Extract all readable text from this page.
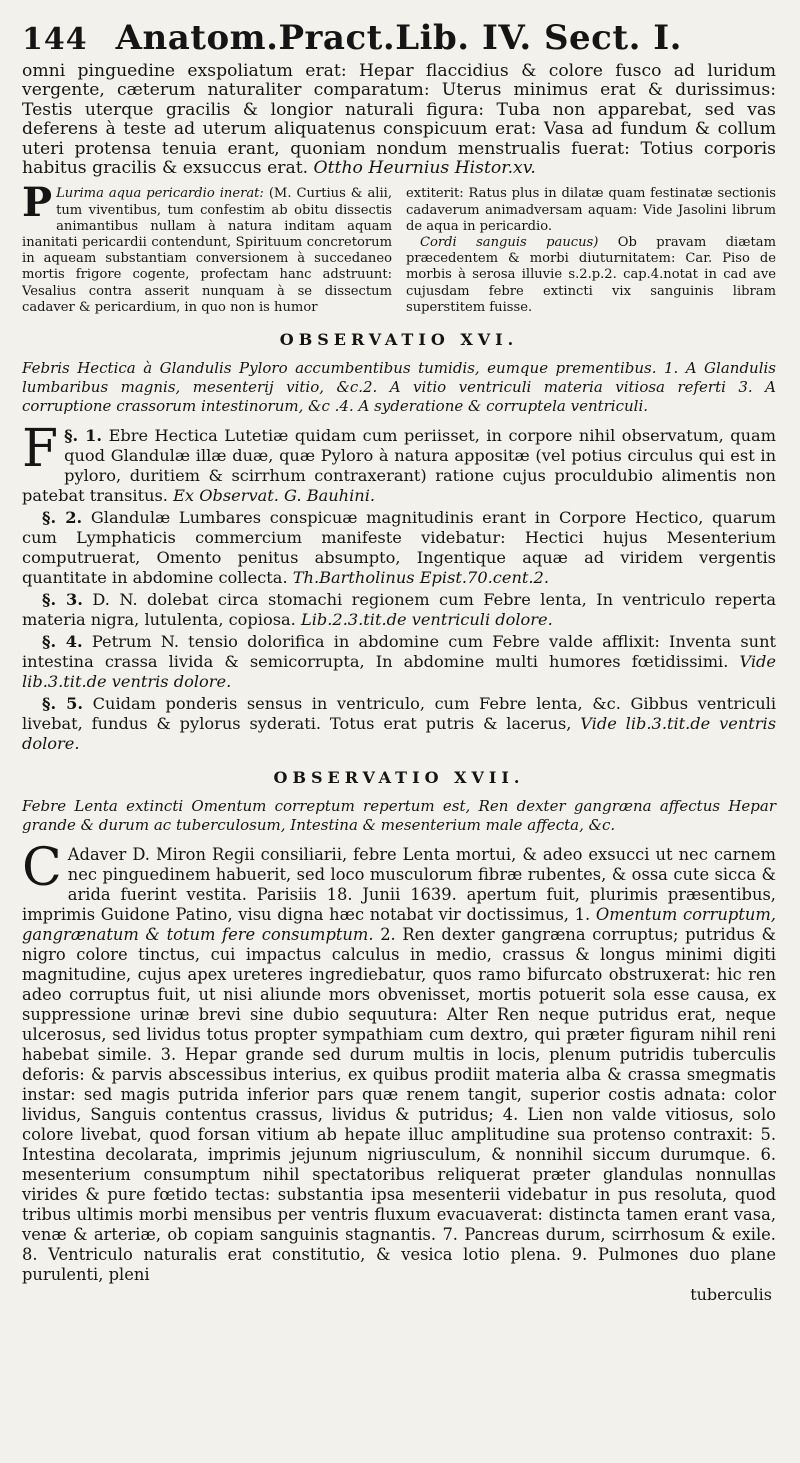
144 Anatom.Pract.Lib. IV. Sect. I.

omni pinguedine exspoliatum erat: Hepar flaccidius & colore fusco ad luridum vergente, cæterum naturaliter comparatum: Uterus minimus erat & durissimus: Testis uterque gracilis & longior naturali figura: Tuba non apparebat, sed vas deferens à teste ad uterum aliquatenus conspicuum erat: Vasa ad fundum & collum uteri protensa tenuia erant, quoniam nondum menstrualis fuerat: Totius corporis habitus gracilis & exsuccus erat. Ottho Heurnius Histor.xv.

P Lurima aqua pericardio inerat: (M. Curtius & alii, tum viventibus, tum confestim ab obitu dissectis animantibus nullam à natura inditam aquam inanitati pericardii contendunt, Spirituum concretorum in aqueam substantiam conversionem à succedaneo mortis frigore cogente, profectam hanc adstruunt: Vesalius contra asserit nunquam à se dissectum cadaver & pericardium, in quo non is humor

extiterit: Ratus plus in dilatæ quam festinatæ sectionis cadaverum animadversam aquam: Vide Jasolini librum de aqua in pericardio.

Cordi sanguis paucus) Ob pravam diætam præcedentem & morbi diuturnitatem: Car. Piso de morbis à serosa illuvie s.2.p.2. cap.4.notat in cad ave cujusdam febre extincti vix sanguinis libram superstitem fuisse.

OBSERVATIO XVI.

Febris Hectica à Glandulis Pyloro accumbentibus tumidis, eumque prementibus. 1. A Glandulis lumbaribus magnis, mesenterij vitio, &c.2. A vitio ventriculi materia vitiosa referti 3. A corruptione crassorum intestinorum, &c .4. A syderatione & corruptela ventriculi.

§. 1.
F	Ebre Hectica Lutetiæ quidam cum periisset, in corpore nihil observatum, quam quod Glandulæ illæ duæ, quæ Pyloro à natura appositæ (vel potius circulus qui est in pyloro, duritiem & scirrhum contraxerant) ratione cujus proculdubio alimentis non patebat transitus. Ex Observat. G. Bauhini.

§. 2. Glandulæ Lumbares conspicuæ magnitudinis erant in Corpore Hectico, quarum cum Lymphaticis commercium manifeste videbatur: Hectici hujus Mesenterium computruerat, Omento penitus absumpto, Ingentique aquæ ad viridem vergentis quantitate in abdomine collecta. Th.Bartholinus Epist.70.cent.2.

§. 3. D. N. dolebat circa stomachi regionem cum Febre lenta, In ventriculo reperta materia nigra, lutulenta, copiosa. Lib.2.3.tit.de ventriculi dolore.

§. 4. Petrum N. tensio dolorifica in abdomine cum Febre valde afflixit: Inventa sunt intestina crassa livida & semicorrupta, In abdomine multi humores fœtidissimi. Vide lib.3.tit.de ventris dolore.

§. 5. Cuidam ponderis sensus in ventriculo, cum Febre lenta, &c. Gibbus ventriculi livebat, fundus & pylorus syderati. Totus erat putris & lacerus, Vide lib.3.tit.de ventris dolore.

OBSERVATIO XVII.

Febre Lenta extincti Omentum correptum repertum est, Ren dexter gangræna affectus Hepar grande & durum ac tuberculosum, Intestina & mesenterium male affecta, &c.

C Adaver D. Miron Regii consiliarii, febre Lenta mortui, & adeo exsucci ut nec carnem nec pinguedinem habuerit, sed loco musculorum fibræ rubentes, & ossa cute sicca & arida fuerint vestita. Parisiis 18. Junii 1639. apertum fuit, plurimis præsentibus, imprimis Guidone Patino, visu digna hæc notabat vir doctissimus, 1. Omentum corruptum, gangrænatum & totum fere consumptum. 2. Ren dexter gangræna corruptus; putridus & nigro colore tinctus, cui impactus calculus in medio, crassus & longus minimi digiti magnitudine, cujus apex ureteres ingrediebatur, quos ramo bifurcato obstruxerat: hic ren adeo corruptus fuit, ut nisi aliunde mors obvenisset, mortis potuerit sola esse causa, ex suppressione urinæ brevi sine dubio sequutura: Alter Ren neque putridus erat, neque ulcerosus, sed lividus totus propter sympathiam cum dextro, qui præter figuram nihil reni habebat simile. 3. Hepar grande sed durum multis in locis, plenum putridis tuberculis deforis: & parvis abscessibus interius, ex quibus prodiit materia alba & crassa smegmatis instar: sed magis putrida inferior pars quæ renem tangit, superior costis adnata: color lividus, Sanguis contentus crassus, lividus & putridus; 4. Lien non valde vitiosus, solo colore livebat, quod forsan vitium ab hepate illuc amplitudine sua protenso contraxit: 5. Intestina decolarata, imprimis jejunum nigriusculum, & nonnihil siccum durumque. 6. mesenterium consumptum nihil spectatoribus reliquerat præter glandulas nonnullas virides & pure fœtido tectas: substantia ipsa mesenterii videbatur in pus resoluta, quod tribus ultimis morbi mensibus per ventris fluxum evacuaverat: distincta tamen erant vasa, venæ & arteriæ, ob copiam sanguinis stagnantis. 7. Pancreas durum, scirrhosum & exile. 8. Ventriculo naturalis erat constitutio, & vesica lotio plena. 9. Pulmones duo plane purulenti, pleni

tuberculis
